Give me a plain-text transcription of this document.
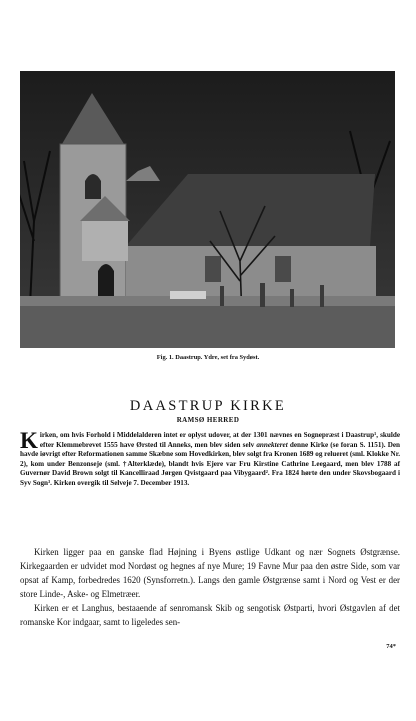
Fig. 1. Daastrup. Ydre, set fra Sydøst.
DAASTRUP KIRKE
RAMSØ HERRED
Kirken, om hvis Forhold i Middelalderen intet er oplyst udover, at der 1301 nævnes en Sognepræst i Daastrup¹, skulde efter Klemmebrevet 1555 have Ørsted til Anneks, men blev siden selv annekteret denne Kirke (se foran S. 1151). Den havde iøvrigt efter Reformationen samme Skæbne som Hovedkirken, blev solgt fra Kronen 1689 og relueret (sml. Klokke Nr. 2), kom under Benzonseje (sml. †Alterklæde), blandt hvis Ejere var Fru Kirstine Cathrine Leegaard, men blev 1788 af Guvernør David Brown solgt til Kancelliraad Jørgen Qvistgaard paa Vibygaard². Fra 1824 hørte den under Skovsbogaard i Syv Sogn³. Kirken overgik til Selveje 7. December 1913.

Kirken ligger paa en ganske flad Højning i Byens østlige Udkant og nær Sognets Østgrænse. Kirkegaarden er udvidet mod Nordøst og hegnes af nye Mure; 19 Favne Mur paa den østre Side, som var opsat af Kamp, forbedredes 1620 (Synsforretn.). Langs den gamle Østgrænse samt i Nord og Vest er der store Linde-, Aske- og Elmetræer.

Kirken er et Langhus, bestaaende af senromansk Skib og sengotisk Østparti, hvori Østgavlen af det romanske Kor indgaar, samt to ligeledes sen-

74*
